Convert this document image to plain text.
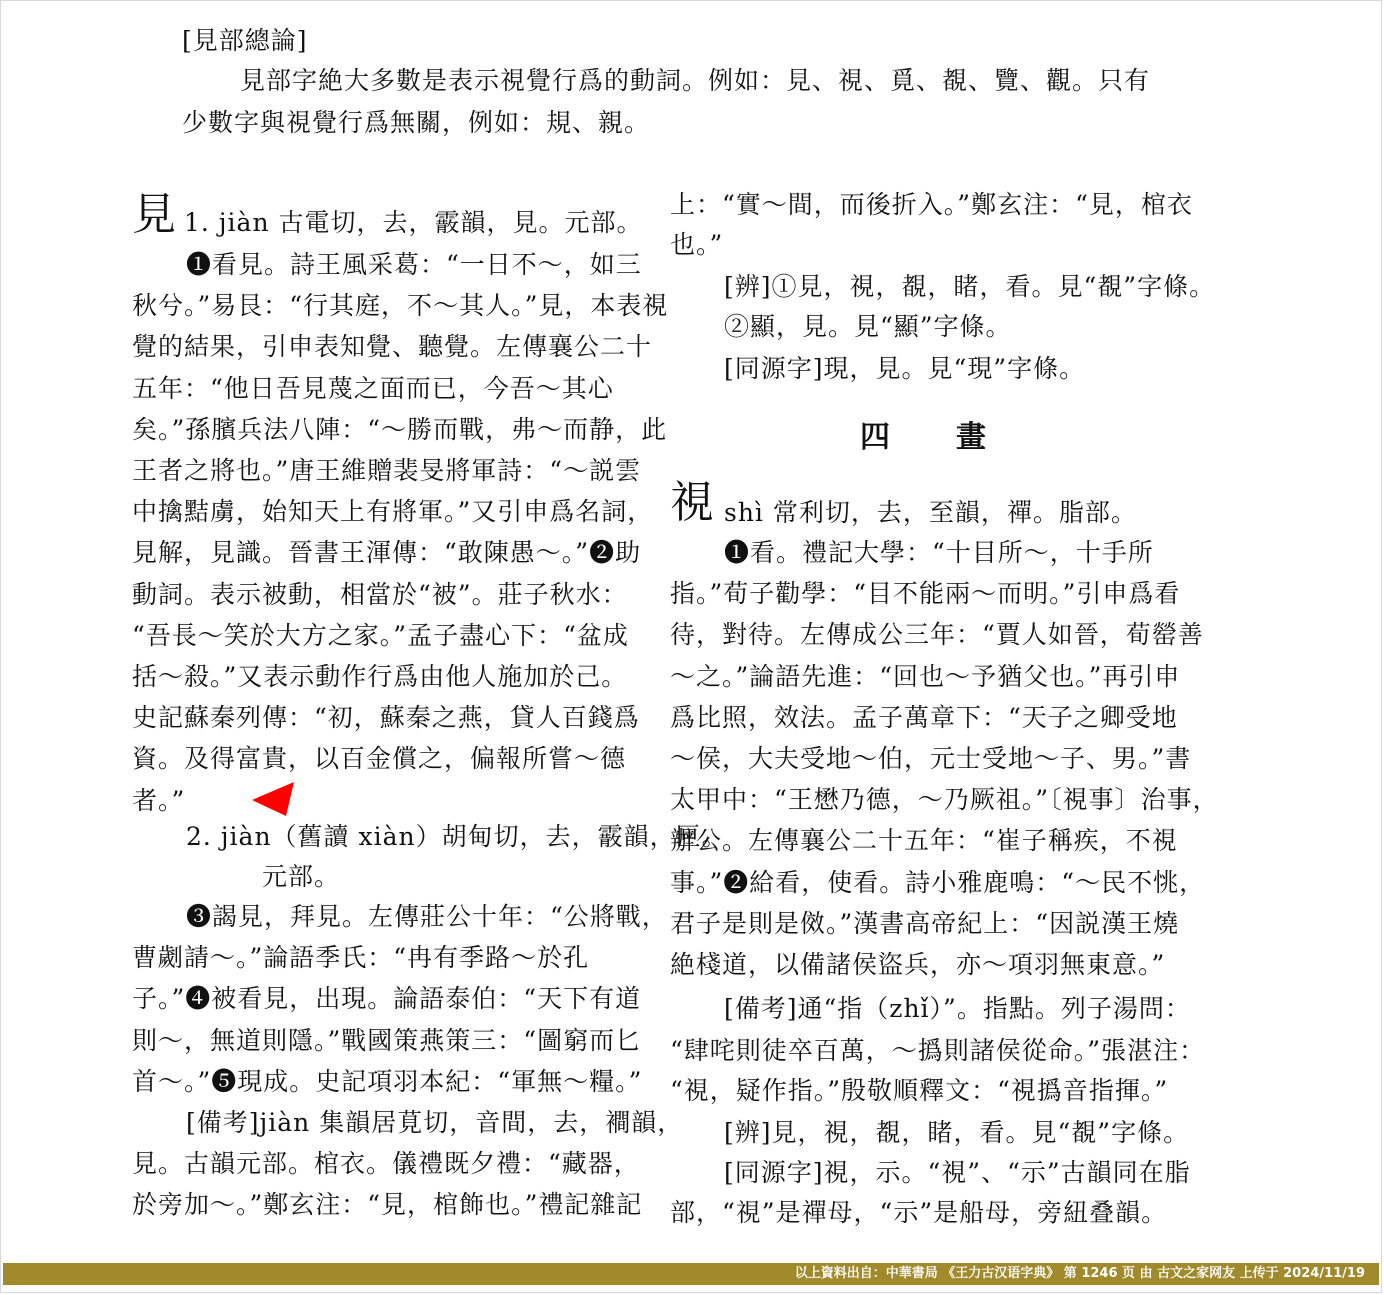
[見部總論]
見部字絶大多數是表示視覺行爲的動詞。例如：見、視、覓、覩、覽、觀。只有
少數字與視覺行爲無關，例如：規、親。
見 1. jiàn 古電切，去，霰韻，見。元部。
❶看見。詩王風采葛：“一日不～，如三
秋兮。”易艮：“行其庭，不～其人。”見，本表視
覺的結果，引申表知覺、聽覺。左傳襄公二十
五年：“他日吾見蔑之面而已，今吾～其心
矣。”孫臏兵法八陣：“～勝而戰，弗～而静，此
王者之將也。”唐王維贈裴旻將軍詩：“～説雲
中擒黠虜，始知天上有將軍。”又引申爲名詞，
見解，見識。晉書王渾傳：“敢陳愚～。”❷助
動詞。表示被動，相當於“被”。莊子秋水：
“吾長～笑於大方之家。”孟子盡心下：“盆成
括～殺。”又表示動作行爲由他人施加於己。
史記蘇秦列傳：“初，蘇秦之燕，貸人百錢爲
資。及得富貴，以百金償之，偏報所嘗～德
者。”
2. jiàn（舊讀 xiàn）胡甸切，去，霰韻，匣。
元部。
❸謁見，拜見。左傳莊公十年：“公將戰，
曹劌請～。”論語季氏：“冉有季路～於孔
子。”❹被看見，出現。論語泰伯：“天下有道
則～，無道則隱。”戰國策燕策三：“圖窮而匕
首～。”❺現成。史記項羽本紀：“軍無～糧。”
[備考]jiàn 集韻居莧切，音間，去，襇韻，
見。古韻元部。棺衣。儀禮既夕禮：“藏器，
於旁加～。”鄭玄注：“見，棺飾也。”禮記雜記
上：“實～間，而後折入。”鄭玄注：“見，棺衣
也。”
[辨]①見，視，覩，睹，看。見“覩”字條。
②顯，見。見“顯”字條。
[同源字]現，見。見“現”字條。
四　　畫
視 shì 常利切，去，至韻，禪。脂部。
❶看。禮記大學：“十目所～，十手所
指。”荀子勸學：“目不能兩～而明。”引申爲看
待，對待。左傳成公三年：“賈人如晉，荀罃善
～之。”論語先進：“回也～予猶父也。”再引申
爲比照，效法。孟子萬章下：“天子之卿受地
～侯，大夫受地～伯，元士受地～子、男。”書
太甲中：“王懋乃德，～乃厥祖。”〔視事〕治事，
辦公。左傳襄公二十五年：“崔子稱疾，不視
事。”❷給看，使看。詩小雅鹿鳴：“～民不恌，
君子是則是傚。”漢書高帝紀上：“因説漢王燒
絶棧道，以備諸侯盜兵，亦～項羽無東意。”
[備考]通“指（zhǐ）”。指點。列子湯問：
“肆咤則徒卒百萬，～撝則諸侯從命。”張湛注：
“視，疑作指。”殷敬順釋文：“視撝音指揮。”
[辨]見，視，覩，睹，看。見“覩”字條。
[同源字]視，示。“視”、“示”古韻同在脂
部，“視”是禪母，“示”是船母，旁紐叠韻。
以上資料出自：中華書局 《王力古汉语字典》 第 1246 页 由 古文之家网友 上传于 2024/11/19
